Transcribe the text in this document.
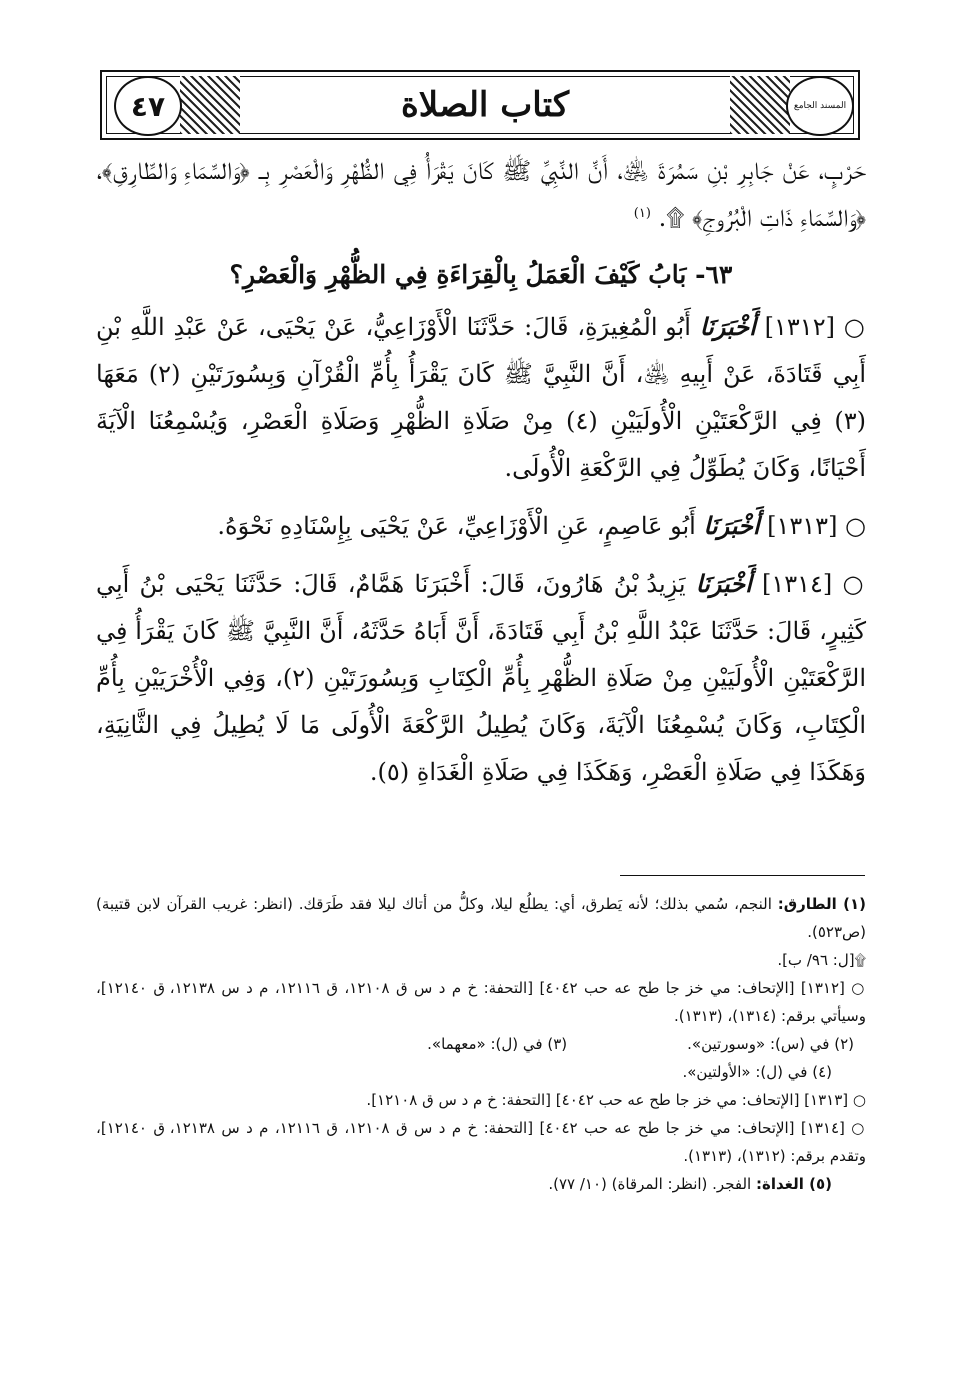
٤٧	المسند الجامع
كتاب الصلاة

حَرْبٍ، عَنْ جَابِرِ بْنِ سَمُرَةَ ﵁، أَنَّ النَّبِيَّ ﷺ كَانَ يَقْرَأُ فِي الظُّهْرِ وَالْعَصْرِ بِـ ﴿وَالسَّمَاءِ وَالطَّارِقِ﴾، ﴿وَالسَّمَاءِ ذَاتِ الْبُرُوجِ﴾ ۩. $^{(١)}$

٦٣- بَابُ كَيْفَ الْعَمَلُ بِالْقِرَاءَةِ فِي الظُّهْرِ وَالْعَصْرِ؟

○ [١٣١٢] أَخْبَرَنَا أَبُو الْمُغِيرَةِ، قَالَ: حَدَّثَنَا الْأَوْزَاعِيُّ، عَنْ يَحْيَى، عَنْ عَبْدِ اللَّهِ بْنِ أَبِي قَتَادَةَ، عَنْ أَبِيهِ ﵁، أَنَّ النَّبِيَّ ﷺ كَانَ يَقْرَأُ بِأُمِّ الْقُرْآنِ وَبِسُورَتَيْنِ (٢) مَعَهَا (٣) فِي الرَّكْعَتَيْنِ الْأُولَيَيْنِ (٤) مِنْ صَلَاةِ الظُّهْرِ وَصَلَاةِ الْعَصْرِ، وَيُسْمِعُنَا الْآيَةَ أَحْيَانًا، وَكَانَ يُطَوِّلُ فِي الرَّكْعَةِ الْأُولَى.

○ [١٣١٣] أَخْبَرَنَا أَبُو عَاصِمٍ، عَنِ الْأَوْزَاعِيِّ، عَنْ يَحْيَى بِإِسْنَادِهِ نَحْوَهُ.

○ [١٣١٤] أَخْبَرَنَا يَزِيدُ بْنُ هَارُونَ، قَالَ: أَخْبَرَنَا هَمَّامٌ، قَالَ: حَدَّثَنَا يَحْيَى بْنُ أَبِي كَثِيرٍ، قَالَ: حَدَّثَنَا عَبْدُ اللَّهِ بْنُ أَبِي قَتَادَةَ، أَنَّ أَبَاهُ حَدَّثَهُ، أَنَّ النَّبِيَّ ﷺ كَانَ يَقْرَأُ فِي الرَّكْعَتَيْنِ الْأُولَيَيْنِ مِنْ صَلَاةِ الظُّهْرِ بِأُمِّ الْكِتَابِ وَبِسُورَتَيْنِ (٢)، وَفِي الْأُخْرَيَيْنِ بِأُمِّ الْكِتَابِ، وَكَانَ يُسْمِعُنَا الْآيَةَ، وَكَانَ يُطِيلُ الرَّكْعَةَ الْأُولَى مَا لَا يُطِيلُ فِي الثَّانِيَةِ، وَهَكَذَا فِي صَلَاةِ الْعَصْرِ، وَهَكَذَا فِي صَلَاةِ الْغَدَاةِ (٥).

(١) الطارق: النجم، سُمي بذلك؛ لأنه يَطرق، أي: يطلُع ليلا، وكلُّ من أتاك ليلا فقد طَرَقك. (انظر: غريب القرآن لابن قتيبة) (ص٥٢٣).

۩[ل: ٩٦/ ب].

○ [١٣١٢] [الإتحاف: مي خز جا طح عه حب ٤٠٤٢] [التحفة: خ م د س ق ١٢١٠٨، ق ١٢١١٦، م د س ١٢١٣٨، ق ١٢١٤٠]، وسيأتي برقم: (١٣١٤)، (١٣١٣).

(٢) في (س): «وسورتين».
(٣) في (ل): «معهما».

(٤) في (ل): «الأولتين».

○ [١٣١٣] [الإتحاف: مي خز جا طح عه حب ٤٠٤٢] [التحفة: خ م د س ق ١٢١٠٨].

○ [١٣١٤] [الإتحاف: مي خز جا طح عه حب ٤٠٤٢] [التحفة: خ م د س ق ١٢١٠٨، ق ١٢١١٦، م د س ١٢١٣٨، ق ١٢١٤٠]، وتقدم برقم: (١٣١٢)، (١٣١٣).

(٥) الغداة: الفجر. (انظر: المرقاة) (١٠/ ٧٧).
